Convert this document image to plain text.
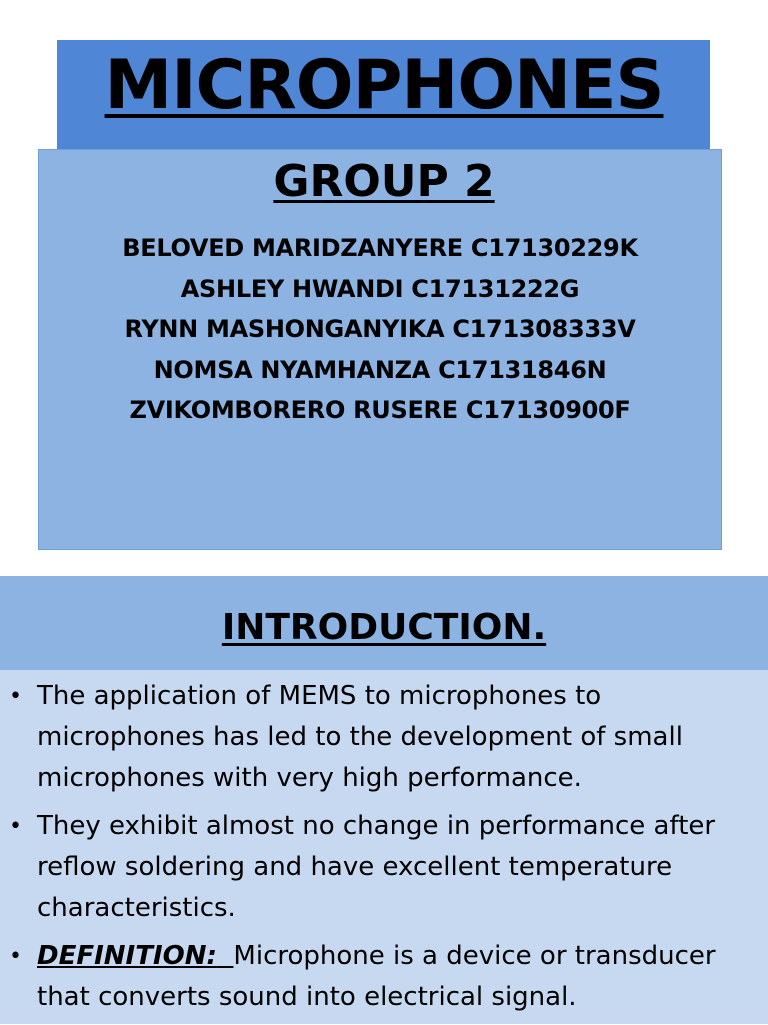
MICROPHONES
GROUP 2
BELOVED MARIDZANYERE C17130229K
ASHLEY HWANDI C17131222G
RYNN MASHONGANYIKA C171308333V
NOMSA NYAMHANZA C17131846N
ZVIKOMBORERO RUSERE C17130900F
INTRODUCTION.
• The application of MEMS to microphones to microphones has led to the development of small microphones with very high performance.
• They exhibit almost no change in performance after reflow soldering and have excellent temperature characteristics.
• DEFINITION: Microphone is a device or transducer that converts sound into electrical signal.
